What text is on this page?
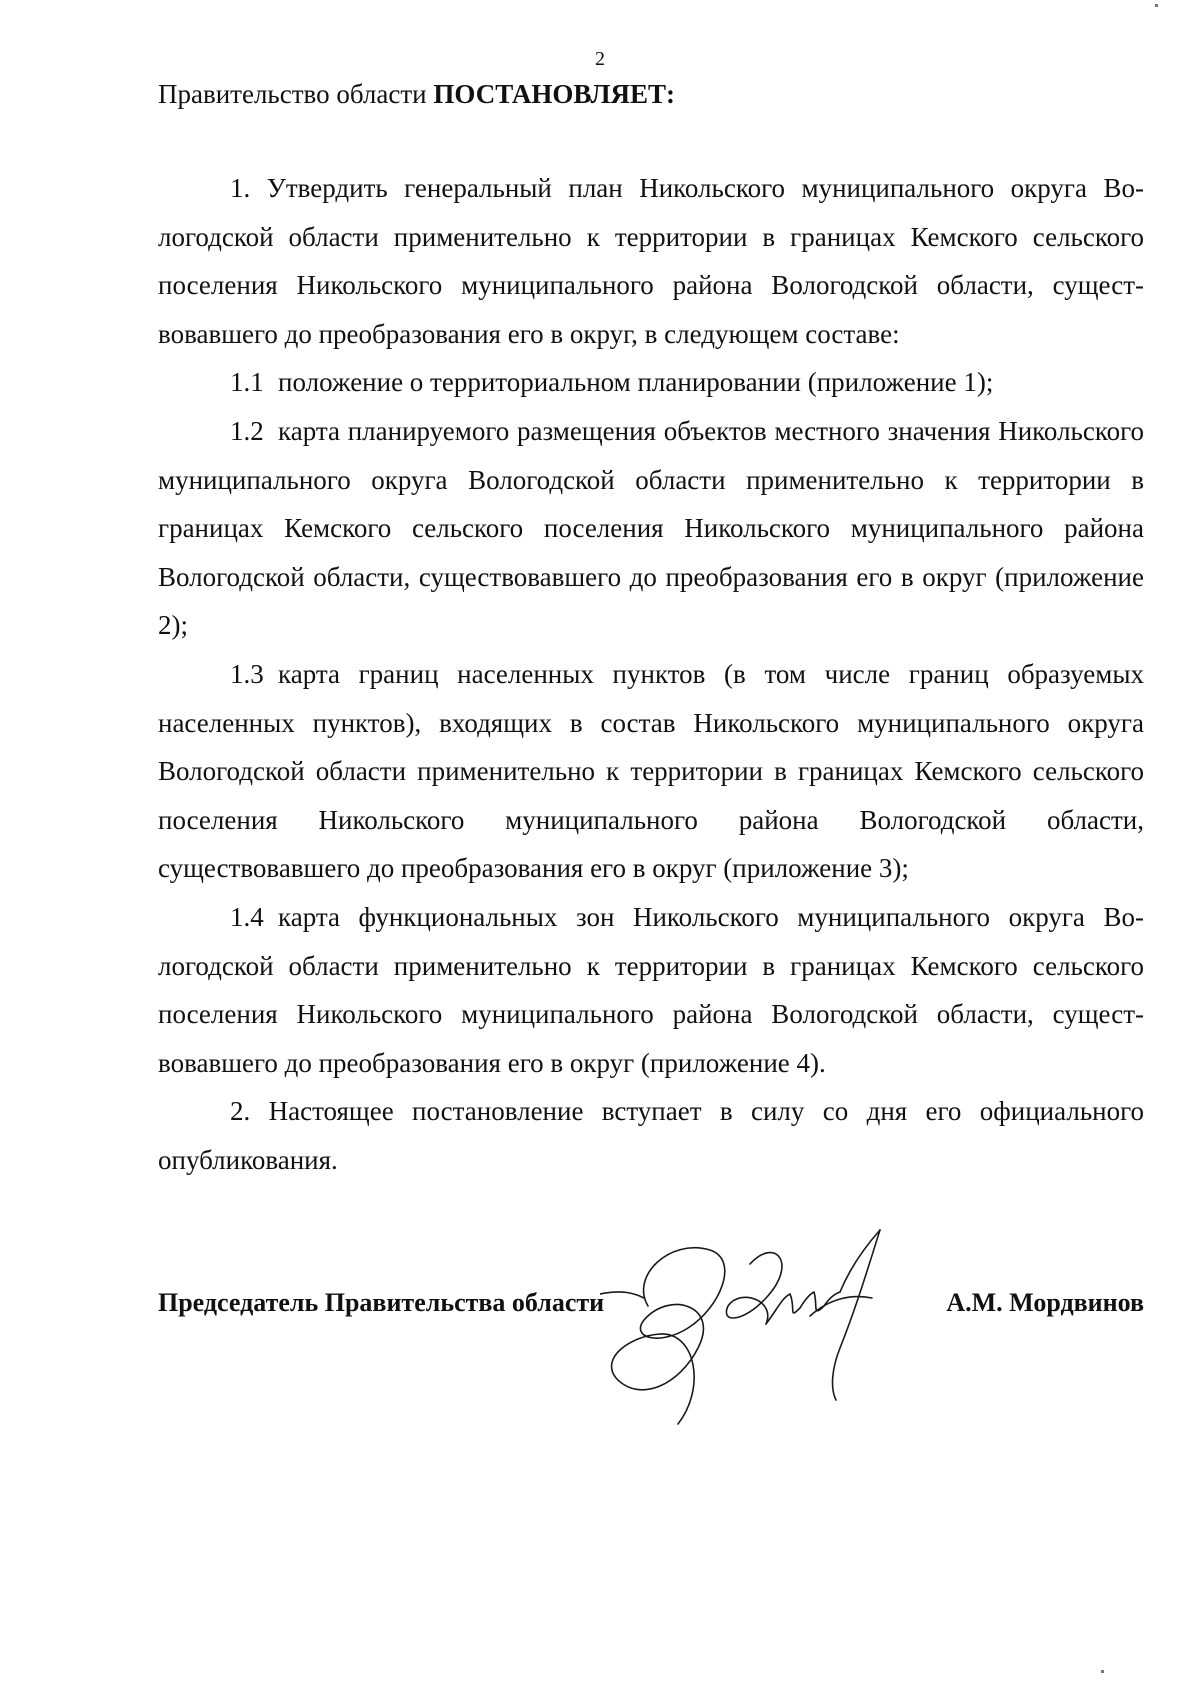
2
Правительство области ПОСТАНОВЛЯЕТ:

1. Утвердить генеральный план Никольского муниципального округа Вологодской области применительно к территории в границах Кемского сельского поселения Никольского муниципального района Вологодской области, существовавшего до преобразования его в округ, в следующем составе:

1.1 положение о территориальном планировании (приложение 1);

1.2 карта планируемого размещения объектов местного значения Никольского муниципального округа Вологодской области применительно к территории в границах Кемского сельского поселения Никольского муниципального района Вологодской области, существовавшего до преобразования его в округ (приложение 2);

1.3 карта границ населенных пунктов (в том числе границ образуемых населенных пунктов), входящих в состав Никольского муниципального округа Вологодской области применительно к территории в границах Кемского сельского поселения Никольского муниципального района Вологодской области, существовавшего до преобразования его в округ (приложение 3);

1.4 карта функциональных зон Никольского муниципального округа Вологодской области применительно к территории в границах Кемского сельского поселения Никольского муниципального района Вологодской области, существовавшего до преобразования его в округ (приложение 4).

2. Настоящее постановление вступает в силу со дня его официального опубликования.

Председатель Правительства области	А.М. Мордвинов
